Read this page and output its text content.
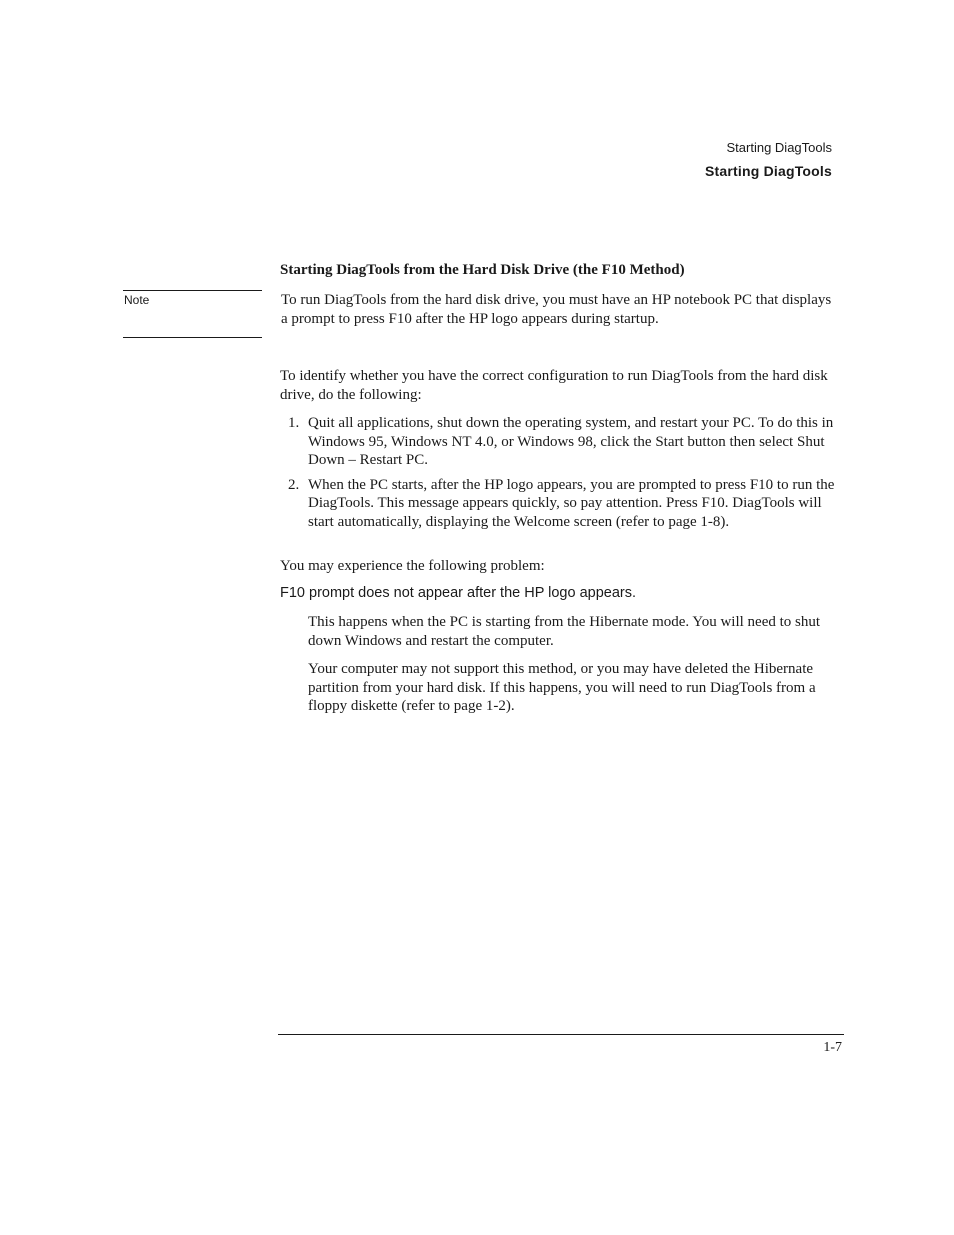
Starting DiagTools
Starting DiagTools
Starting DiagTools from the Hard Disk Drive (the F10 Method)
Note	To run DiagTools from the hard disk drive, you must have an HP notebook PC that displays a prompt to press F10 after the HP logo appears during startup.
To identify whether you have the correct configuration to run DiagTools from the hard disk drive, do the following:
1. Quit all applications, shut down the operating system, and restart your PC. To do this in Windows 95, Windows NT 4.0, or Windows 98, click the Start button then select Shut Down – Restart PC.
2. When the PC starts, after the HP logo appears, you are prompted to press F10 to run the DiagTools. This message appears quickly, so pay attention. Press F10. DiagTools will start automatically, displaying the Welcome screen (refer to page 1-8).
You may experience the following problem:
F10 prompt does not appear after the HP logo appears.
This happens when the PC is starting from the Hibernate mode. You will need to shut down Windows and restart the computer.
Your computer may not support this method, or you may have deleted the Hibernate partition from your hard disk. If this happens, you will need to run DiagTools from a floppy diskette (refer to page 1-2).
1-7
